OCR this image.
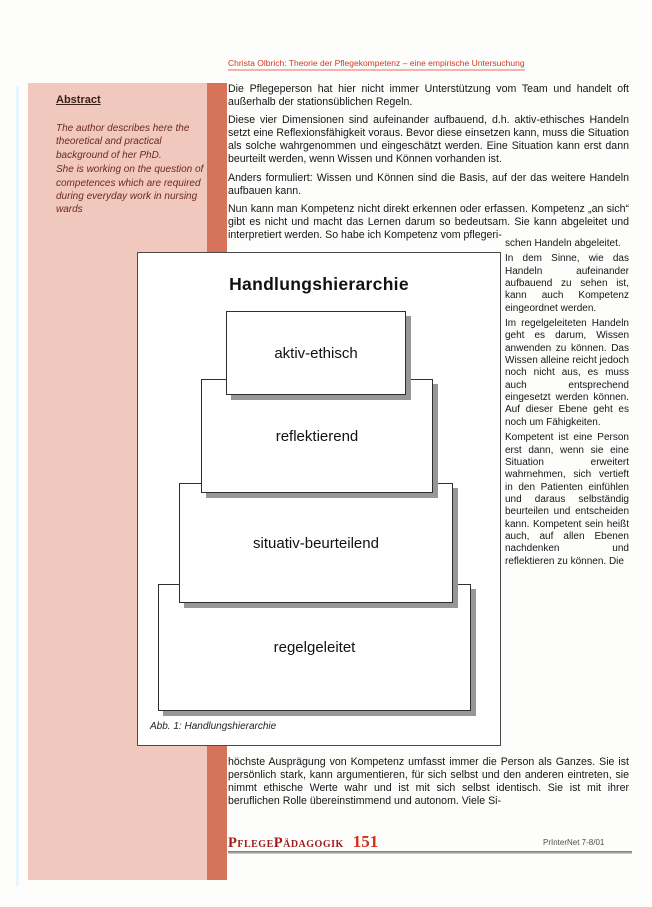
Christa Olbrich: Theorie der Pflegekompetenz – eine empirische Untersuchung
Abstract

The author describes here the theoretical and practical background of her PhD.

She is working on the question of competences which are required during everyday work in nursing wards

Die Pflegeperson hat hier nicht immer Unterstützung vom Team und handelt oft außerhalb der stationsüblichen Regeln.

Diese vier Dimensionen sind aufeinander aufbauend, d.h. aktiv-ethisches Handeln setzt eine Reflexionsfähigkeit voraus. Bevor diese einsetzen kann, muss die Situation als solche wahrgenommen und eingeschätzt werden. Eine Situation kann erst dann beurteilt werden, wenn Wissen und Können vorhanden ist.

Anders formuliert: Wissen und Können sind die Basis, auf der das weitere Handeln aufbauen kann.

Nun kann man Kompetenz nicht direkt erkennen oder erfassen. Kompetenz „an sich“ gibt es nicht und macht das Lernen darum so bedeutsam. Sie kann abgeleitet und interpretiert werden. So habe ich Kompetenz vom pflegeri-

schen Handeln abgeleitet.

In dem Sinne, wie das Handeln aufeinander aufbauend zu sehen ist, kann auch Kompetenz eingeordnet werden.

Im regelgeleiteten Handeln geht es darum, Wissen anwenden zu können. Das Wissen alleine reicht jedoch noch nicht aus, es muss auch entsprechend eingesetzt werden können. Auf dieser Ebene geht es noch um Fähigkeiten.

Kompetent ist eine Person erst dann, wenn sie eine Situation erweitert wahrnehmen, sich vertieft in den Patienten einfühlen und daraus selbständig beurteilen und entscheiden kann. Kompetent sein heißt auch, auf allen Ebenen nachdenken und reflektieren zu können. Die

Handlungshierarchie
aktiv-ethisch
reflektierend
situativ-beurteilend
regelgeleitet
Abb. 1: Handlungshierarchie

höchste Ausprägung von Kompetenz umfasst immer die Person als Ganzes. Sie ist persönlich stark, kann argumentieren, für sich selbst und den anderen eintreten, sie nimmt ethische Werte wahr und ist mit sich selbst identisch. Sie ist mit ihrer beruflichen Rolle übereinstimmend und autonom. Viele Si-

PflegePädagogik 151	PrInterNet 7-8/01
